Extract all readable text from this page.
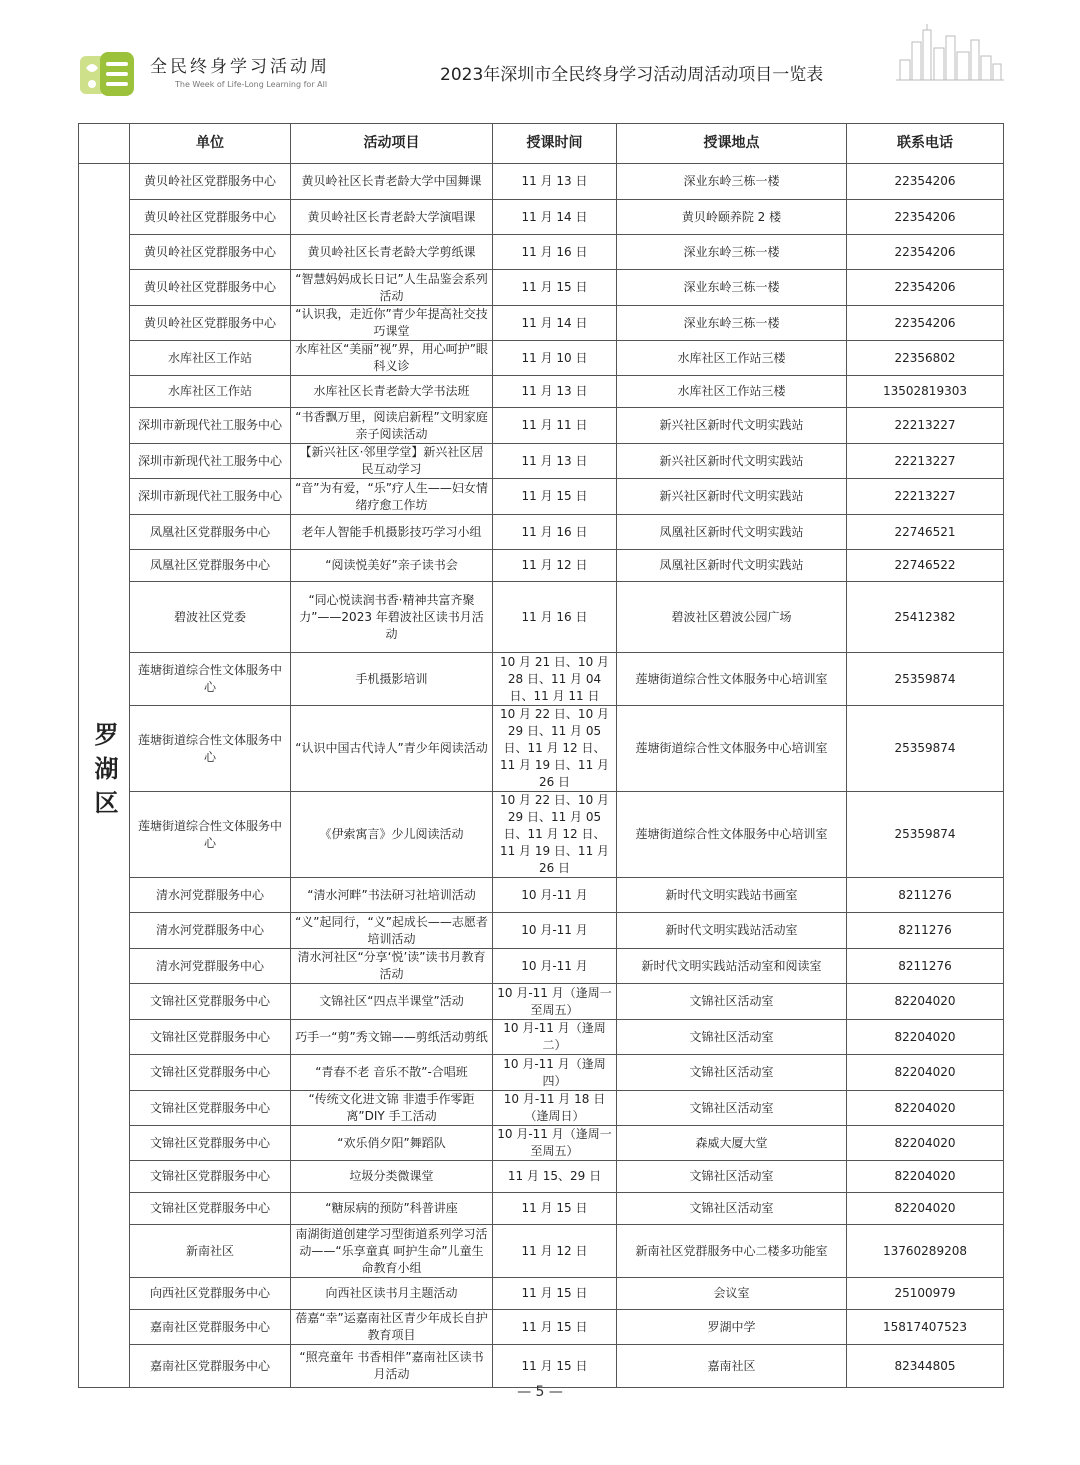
全民终身学习活动周
The Week of Life-Long Learning for All	2023年深圳市全民终身学习活动周活动项目一览表
	单位	活动项目	授课时间	授课地点	联系电话
罗湖区	黄贝岭社区党群服务中心	黄贝岭社区长青老龄大学中国舞课	11 月 13 日	深业东岭三栋一楼	22354206
	黄贝岭社区党群服务中心	黄贝岭社区长青老龄大学演唱课	11 月 14 日	黄贝岭颐养院 2 楼	22354206
	黄贝岭社区党群服务中心	黄贝岭社区长青老龄大学剪纸课	11 月 16 日	深业东岭三栋一楼	22354206
	黄贝岭社区党群服务中心	“智慧妈妈成长日记”人生品鉴会系列活动	11 月 15 日	深业东岭三栋一楼	22354206
	黄贝岭社区党群服务中心	“认识我，走近你”青少年提高社交技巧课堂	11 月 14 日	深业东岭三栋一楼	22354206
	水库社区工作站	水库社区“美丽”视”界，用心呵护”眼科义诊	11 月 10 日	水库社区工作站三楼	22356802
	水库社区工作站	水库社区长青老龄大学书法班	11 月 13 日	水库社区工作站三楼	13502819303
	深圳市新现代社工服务中心	“书香飘万里，阅读启新程”文明家庭亲子阅读活动	11 月 11 日	新兴社区新时代文明实践站	22213227
	深圳市新现代社工服务中心	【新兴社区·邻里学堂】新兴社区居民互动学习	11 月 13 日	新兴社区新时代文明实践站	22213227
	深圳市新现代社工服务中心	“音”为有爱，“乐”疗人生——妇女情绪疗愈工作坊	11 月 15 日	新兴社区新时代文明实践站	22213227
	凤凰社区党群服务中心	老年人智能手机摄影技巧学习小组	11 月 16 日	凤凰社区新时代文明实践站	22746521
	凤凰社区党群服务中心	“阅读悦美好”亲子读书会	11 月 12 日	凤凰社区新时代文明实践站	22746522
	碧波社区党委	“同心悦读润书香·精神共富齐聚力”——2023 年碧波社区读书月活动	11 月 16 日	碧波社区碧波公园广场	25412382
	莲塘街道综合性文体服务中心	手机摄影培训	10 月 21 日、10 月 28 日、11 月 04 日、11 月 11 日	莲塘街道综合性文体服务中心培训室	25359874
	莲塘街道综合性文体服务中心	“认识中国古代诗人”青少年阅读活动	10 月 22 日、10 月 29 日、11 月 05 日、11 月 12 日、11 月 19 日、11 月 26 日	莲塘街道综合性文体服务中心培训室	25359874
	莲塘街道综合性文体服务中心	《伊索寓言》少儿阅读活动	10 月 22 日、10 月 29 日、11 月 05 日、11 月 12 日、11 月 19 日、11 月 26 日	莲塘街道综合性文体服务中心培训室	25359874
	清水河党群服务中心	“清水河畔”书法研习社培训活动	10 月-11 月	新时代文明实践站书画室	8211276
	清水河党群服务中心	“义”起同行，“义”起成长——志愿者培训活动	10 月-11 月	新时代文明实践站活动室	8211276
	清水河党群服务中心	清水河社区“分享‘悦’读”读书月教育活动	10 月-11 月	新时代文明实践站活动室和阅读室	8211276
	文锦社区党群服务中心	文锦社区“四点半课堂”活动	10 月-11 月（逢周一至周五）	文锦社区活动室	82204020
	文锦社区党群服务中心	巧手一“剪”秀文锦——剪纸活动剪纸	10 月-11 月（逢周二）	文锦社区活动室	82204020
	文锦社区党群服务中心	“青春不老 音乐不散”-合唱班	10 月-11 月（逢周四）	文锦社区活动室	82204020
	文锦社区党群服务中心	“传统文化进文锦 非遗手作零距离”DIY 手工活动	10 月-11 月 18 日（逢周日）	文锦社区活动室	82204020
	文锦社区党群服务中心	“欢乐俏夕阳”舞蹈队	10 月-11 月（逢周一至周五）	森威大厦大堂	82204020
	文锦社区党群服务中心	垃圾分类微课堂	11 月 15、29 日	文锦社区活动室	82204020
	文锦社区党群服务中心	“糖尿病的预防”科普讲座	11 月 15 日	文锦社区活动室	82204020
	新南社区	南湖街道创建学习型街道系列学习活动——“乐享童真 呵护生命”儿童生命教育小组	11 月 12 日	新南社区党群服务中心二楼多功能室	13760289208
	向西社区党群服务中心	向西社区读书月主题活动	11 月 15 日	会议室	25100979
	嘉南社区党群服务中心	蓓嘉“幸”运嘉南社区青少年成长自护教育项目	11 月 15 日	罗湖中学	15817407523
	嘉南社区党群服务中心	“照亮童年 书香相伴”嘉南社区读书月活动	11 月 15 日	嘉南社区	82344805
— 5 —
